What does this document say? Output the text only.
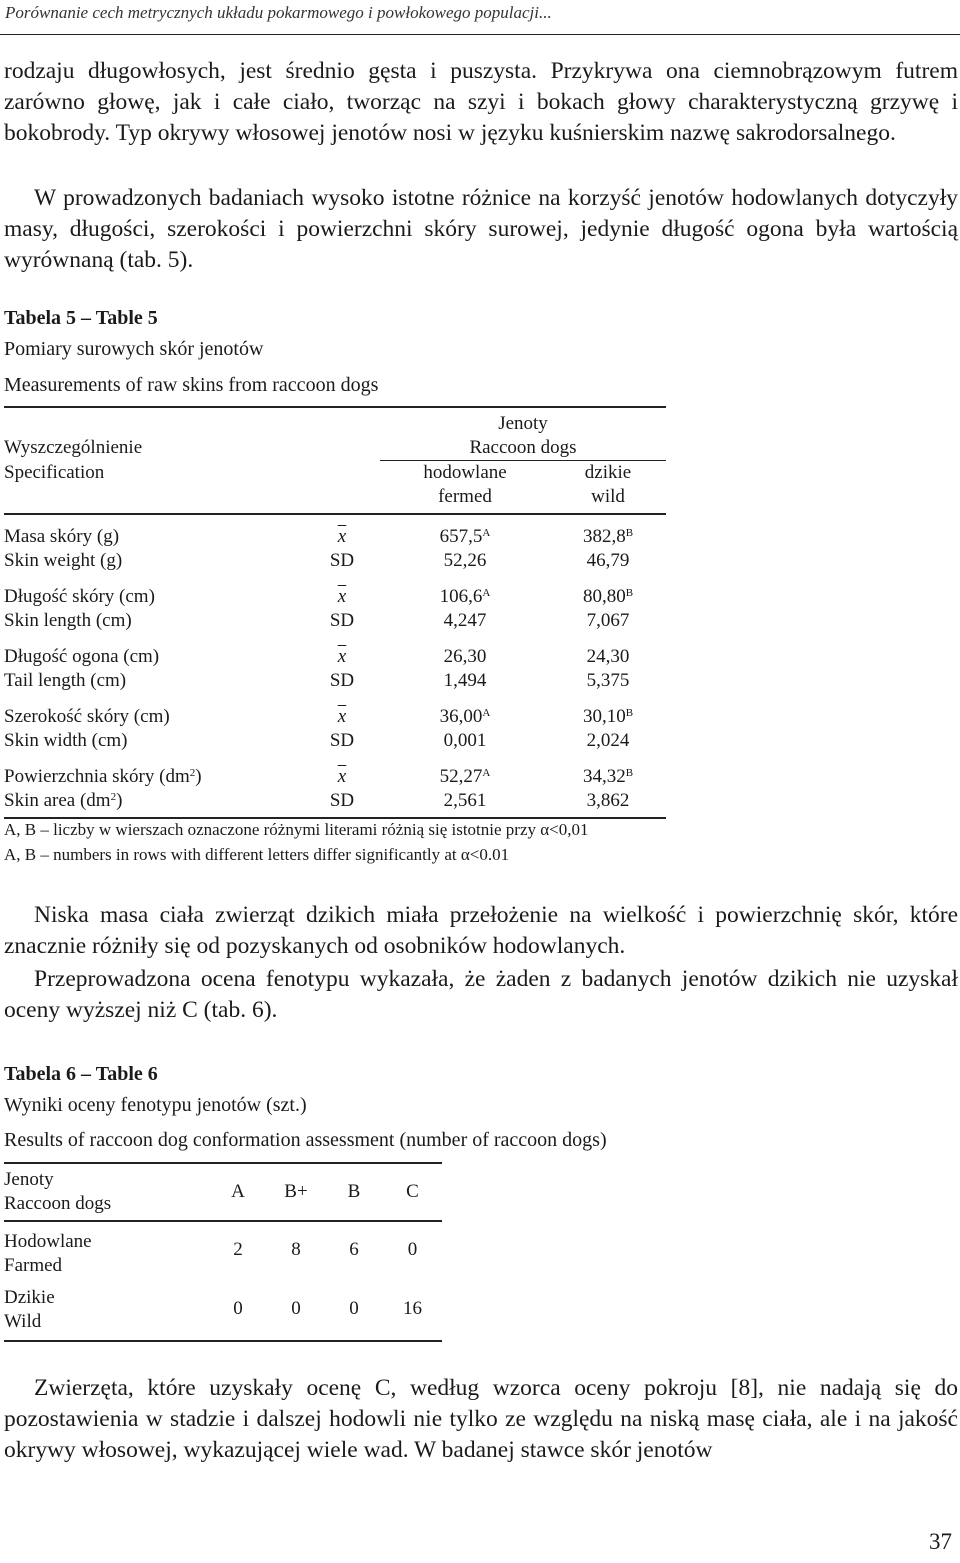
Porównanie cech metrycznych układu pokarmowego i powłokowego populacji...

rodzaju długowłosych, jest średnio gęsta i puszysta. Przykrywa ona ciemnobrązowym futrem zarówno głowę, jak i całe ciało, tworząc na szyi i bokach głowy charakterystyczną grzywę i bokobrody. Typ okrywy włosowej jenotów nosi w języku kuśnierskim nazwę sakrodorsalnego.

W prowadzonych badaniach wysoko istotne różnice na korzyść jenotów hodowlanych dotyczyły masy, długości, szerokości i powierzchni skóry surowej, jedynie długość ogona była wartością wyrównaną (tab. 5).

Tabela 5 – Table 5

Pomiary surowych skór jenotów

Measurements of raw skins from raccoon dogs

		Jenoty	
Wyszczególnienie		Raccoon dogs	
Specification		hodowlane	dzikie
		fermed	wild
Masa skóry (g)	$\overline{x}$	$657,5^A$	$382,8^B$
Skin weight (g)	SD	52,26	46,79
Długość skóry (cm)	$\overline{x}$	$106,6^A$	$80,80^B$
Skin length (cm)	SD	4,247	7,067
Długość ogona (cm)	$\overline{x}$	26,30	24,30
Tail length (cm)	SD	1,494	5,375
Szerokość skóry (cm)	$\overline{x}$	$36,00^A$	$30,10^B$
Skin width (cm)	SD	0,001	2,024
Powierzchnia skóry $(dm^2)$	$\overline{x}$	$52,27^A$	$34,32^B$
Skin area $(dm^2)$	SD	2,561	3,862

A, B – liczby w wierszach oznaczone różnymi literami różnią się istotnie przy α<0,01

A, B – numbers in rows with different letters differ significantly at α<0.01

Niska masa ciała zwierząt dzikich miała przełożenie na wielkość i powierzchnię skór, które znacznie różniły się od pozyskanych od osobników hodowlanych.

Przeprowadzona ocena fenotypu wykazała, że żaden z badanych jenotów dzikich nie uzyskał oceny wyższej niż C (tab. 6).

Tabela 6 – Table 6

Wyniki oceny fenotypu jenotów (szt.)

Results of raccoon dog conformation assessment (number of raccoon dogs)

Jenoty	A	B+	B	C
Raccoon dogs				
Hodowlane	2	8	6	0
Farmed				
Dzikie	0	0	0	16
Wild				

Zwierzęta, które uzyskały ocenę C, według wzorca oceny pokroju [8], nie nadają się do pozostawienia w stadzie i dalszej hodowli nie tylko ze względu na niską masę ciała, ale i na jakość okrywy włosowej, wykazującej wiele wad. W badanej stawce skór jenotów

37
